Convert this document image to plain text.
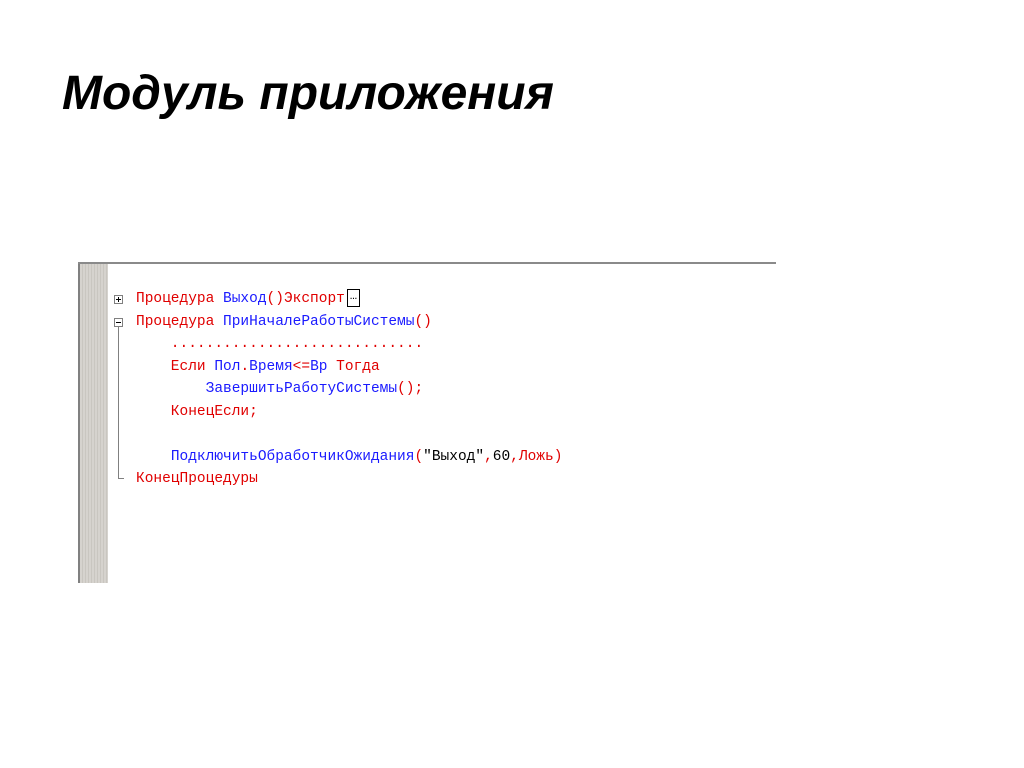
Модуль приложения
Процедура Выход()Экспорт …
Процедура ПриНачалеРаботыСистемы()
.............................
Если Пол.Время<=Вр Тогда
ЗавершитьРаботуСистемы();
КонецЕсли;
ПодключитьОбработчикОжидания("Выход",60,Ложь)
КонецПроцедуры
